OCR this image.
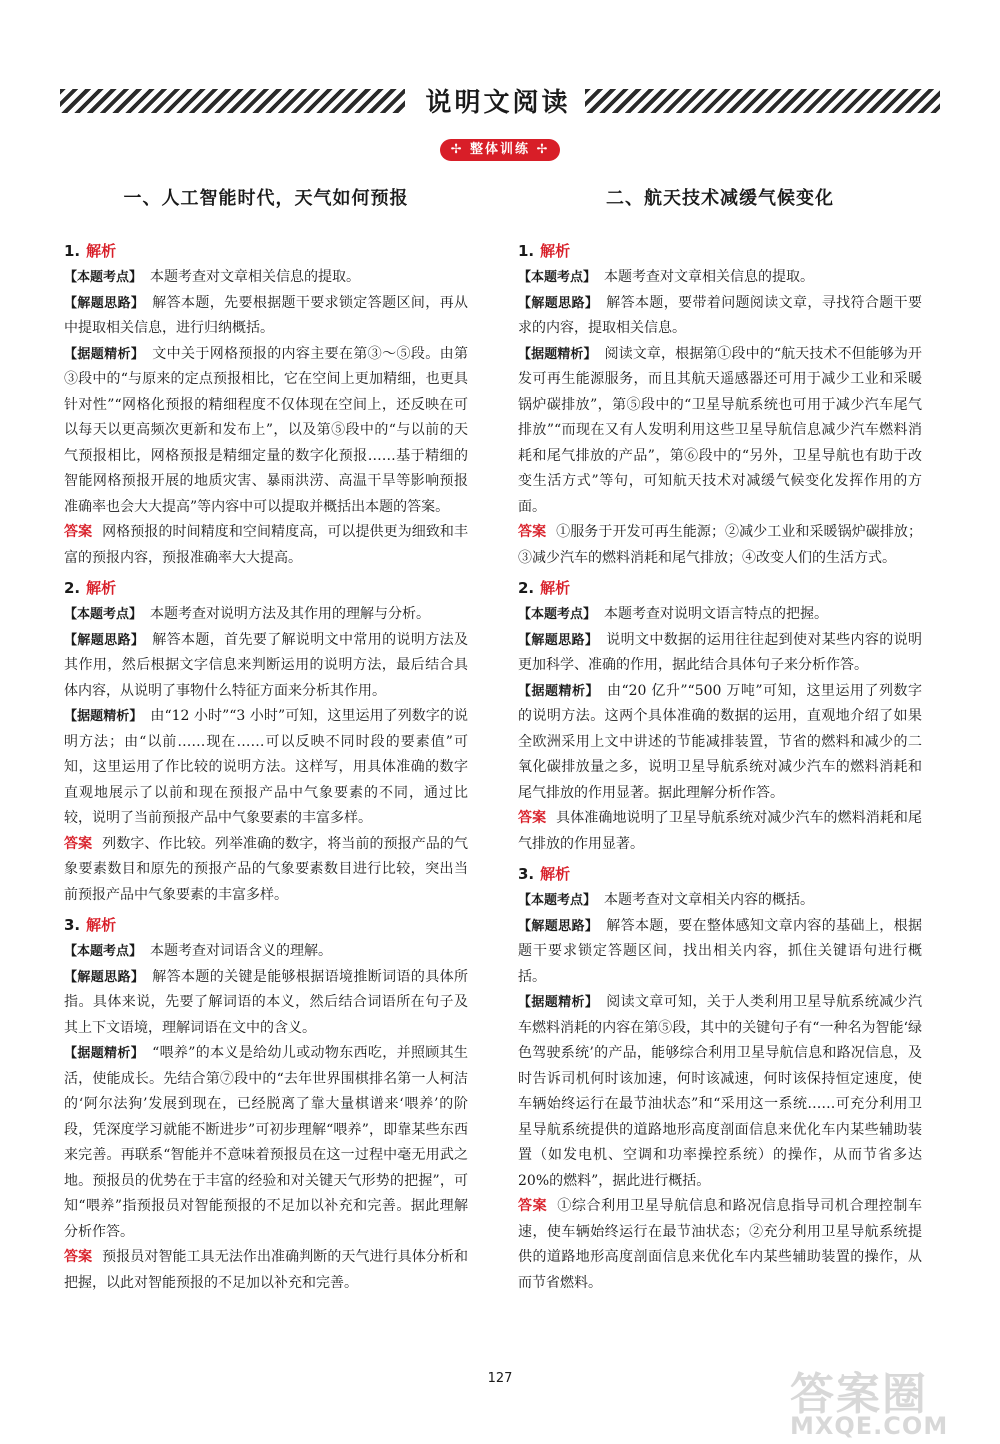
说明文阅读
✢ 整体训练 ✢
一、人工智能时代，天气如何预报
1. 解析

【本题考点】 本题考查对文章相关信息的提取。

【解题思路】 解答本题，先要根据题干要求锁定答题区间，再从中提取相关信息，进行归纳概括。

【据题精析】 文中关于网格预报的内容主要在第③～⑤段。由第③段中的“与原来的定点预报相比，它在空间上更加精细，也更具针对性”“网格化预报的精细程度不仅体现在空间上，还反映在可以每天以更高频次更新和发布上”，以及第⑤段中的“与以前的天气预报相比，网格预报是精细定量的数字化预报……基于精细的智能网格预报开展的地质灾害、暴雨洪涝、高温干旱等影响预报准确率也会大大提高”等内容中可以提取并概括出本题的答案。

答案 网格预报的时间精度和空间精度高，可以提供更为细致和丰富的预报内容，预报准确率大大提高。

2. 解析

【本题考点】 本题考查对说明方法及其作用的理解与分析。

【解题思路】 解答本题，首先要了解说明文中常用的说明方法及其作用，然后根据文字信息来判断运用的说明方法，最后结合具体内容，从说明了事物什么特征方面来分析其作用。

【据题精析】 由“12 小时”“3 小时”可知，这里运用了列数字的说明方法；由“以前……现在……可以反映不同时段的要素值”可知，这里运用了作比较的说明方法。这样写，用具体准确的数字直观地展示了以前和现在预报产品中气象要素的不同，通过比较，说明了当前预报产品中气象要素的丰富多样。

答案 列数字、作比较。列举准确的数字，将当前的预报产品的气象要素数目和原先的预报产品的气象要素数目进行比较，突出当前预报产品中气象要素的丰富多样。

3. 解析

【本题考点】 本题考查对词语含义的理解。

【解题思路】 解答本题的关键是能够根据语境推断词语的具体所指。具体来说，先要了解词语的本义，然后结合词语所在句子及其上下文语境，理解词语在文中的含义。

【据题精析】 “喂养”的本义是给幼儿或动物东西吃，并照顾其生活，使能成长。先结合第⑦段中的“去年世界围棋排名第一人柯洁的‘阿尔法狗’发展到现在，已经脱离了靠大量棋谱来‘喂养’的阶段，凭深度学习就能不断进步”可初步理解“喂养”，即靠某些东西来完善。再联系“智能并不意味着预报员在这一过程中毫无用武之地。预报员的优势在于丰富的经验和对关键天气形势的把握”，可知“喂养”指预报员对智能预报的不足加以补充和完善。据此理解分析作答。

答案 预报员对智能工具无法作出准确判断的天气进行具体分析和把握，以此对智能预报的不足加以补充和完善。

二、航天技术减缓气候变化
1. 解析

【本题考点】 本题考查对文章相关信息的提取。

【解题思路】 解答本题，要带着问题阅读文章，寻找符合题干要求的内容，提取相关信息。

【据题精析】 阅读文章，根据第①段中的“航天技术不但能够为开发可再生能源服务，而且其航天遥感器还可用于减少工业和采暖锅炉碳排放”，第⑤段中的“卫星导航系统也可用于减少汽车尾气排放”“而现在又有人发明利用这些卫星导航信息减少汽车燃料消耗和尾气排放的产品”，第⑥段中的“另外，卫星导航也有助于改变生活方式”等句，可知航天技术对减缓气候变化发挥作用的方面。

答案 ①服务于开发可再生能源；②减少工业和采暖锅炉碳排放；③减少汽车的燃料消耗和尾气排放；④改变人们的生活方式。

2. 解析

【本题考点】 本题考查对说明文语言特点的把握。

【解题思路】 说明文中数据的运用往往起到使对某些内容的说明更加科学、准确的作用，据此结合具体句子来分析作答。

【据题精析】 由“20 亿升”“500 万吨”可知，这里运用了列数字的说明方法。这两个具体准确的数据的运用，直观地介绍了如果全欧洲采用上文中讲述的节能减排装置，节省的燃料和减少的二氧化碳排放量之多，说明卫星导航系统对减少汽车的燃料消耗和尾气排放的作用显著。据此理解分析作答。

答案 具体准确地说明了卫星导航系统对减少汽车的燃料消耗和尾气排放的作用显著。

3. 解析

【本题考点】 本题考查对文章相关内容的概括。

【解题思路】 解答本题，要在整体感知文章内容的基础上，根据题干要求锁定答题区间，找出相关内容，抓住关键语句进行概括。

【据题精析】 阅读文章可知，关于人类利用卫星导航系统减少汽车燃料消耗的内容在第⑤段，其中的关键句子有“一种名为智能‘绿色驾驶系统’的产品，能够综合利用卫星导航信息和路况信息，及时告诉司机何时该加速，何时该减速，何时该保持恒定速度，使车辆始终运行在最节油状态”和“采用这一系统……可充分利用卫星导航系统提供的道路地形高度剖面信息来优化车内某些辅助装置（如发电机、空调和功率操控系统）的操作，从而节省多达 20%的燃料”，据此进行概括。

答案 ①综合利用卫星导航信息和路况信息指导司机合理控制车速，使车辆始终运行在最节油状态；②充分利用卫星导航系统提供的道路地形高度剖面信息来优化车内某些辅助装置的操作，从而节省燃料。

127	答案圈
MXQE.COM
